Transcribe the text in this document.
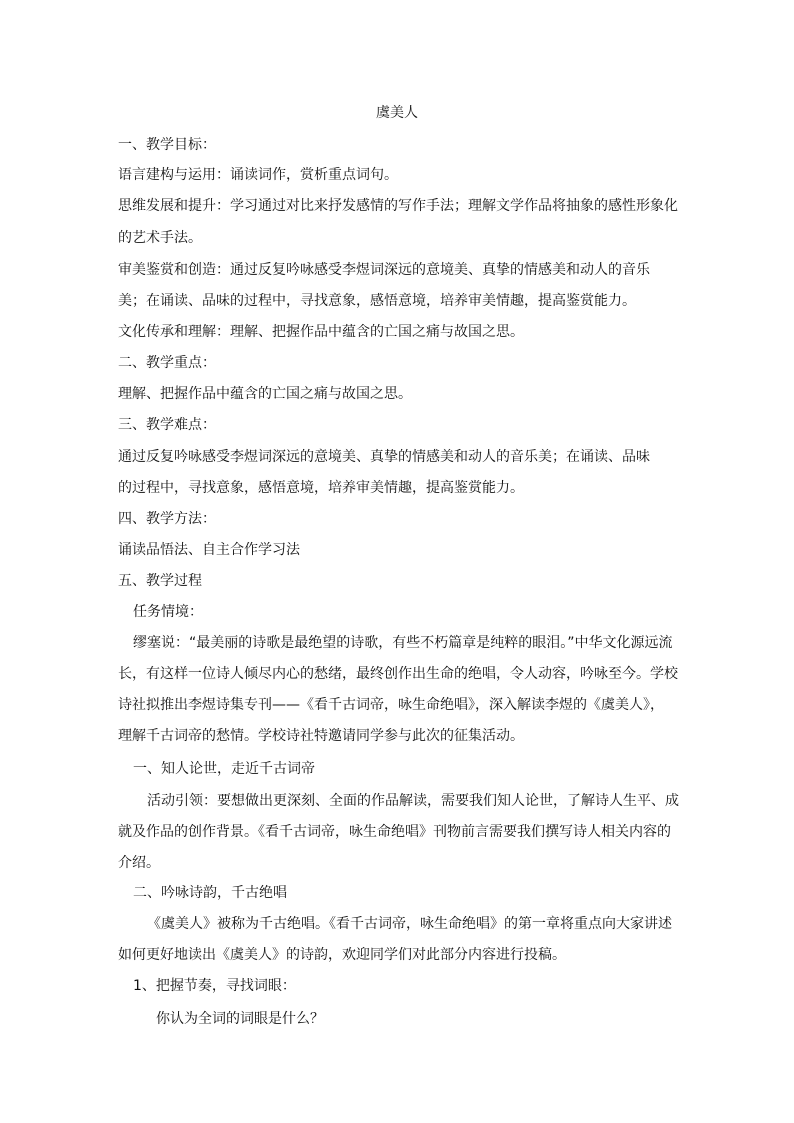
虞美人
一、教学目标：
语言建构与运用：诵读词作，赏析重点词句。
思维发展和提升：学习通过对比来抒发感情的写作手法；理解文学作品将抽象的感性形象化
的艺术手法。
审美鉴赏和创造：通过反复吟咏感受李煜词深远的意境美、真挚的情感美和动人的音乐
美；在诵读、品味的过程中，寻找意象，感悟意境，培养审美情趣，提高鉴赏能力。
文化传承和理解：理解、把握作品中蕴含的亡国之痛与故国之思。
二、教学重点：
理解、把握作品中蕴含的亡国之痛与故国之思。
三、教学难点：
通过反复吟咏感受李煜词深远的意境美、真挚的情感美和动人的音乐美；在诵读、品味
的过程中，寻找意象，感悟意境，培养审美情趣，提高鉴赏能力。
四、教学方法：
诵读品悟法、自主合作学习法
五、教学过程
任务情境：
缪塞说：“最美丽的诗歌是最绝望的诗歌，有些不朽篇章是纯粹的眼泪。”中华文化源远流
长，有这样一位诗人倾尽内心的愁绪，最终创作出生命的绝唱，令人动容，吟咏至今。学校
诗社拟推出李煜诗集专刊——《看千古词帝，咏生命绝唱》，深入解读李煜的《虞美人》，
理解千古词帝的愁情。学校诗社特邀请同学参与此次的征集活动。
一、知人论世，走近千古词帝
活动引领：要想做出更深刻、全面的作品解读，需要我们知人论世，了解诗人生平、成
就及作品的创作背景。《看千古词帝，咏生命绝唱》刊物前言需要我们撰写诗人相关内容的
介绍。
二、吟咏诗韵，千古绝唱
《虞美人》被称为千古绝唱。《看千古词帝，咏生命绝唱》的第一章将重点向大家讲述
如何更好地读出《虞美人》的诗韵，欢迎同学们对此部分内容进行投稿。
1、把握节奏，寻找词眼：
你认为全词的词眼是什么？
